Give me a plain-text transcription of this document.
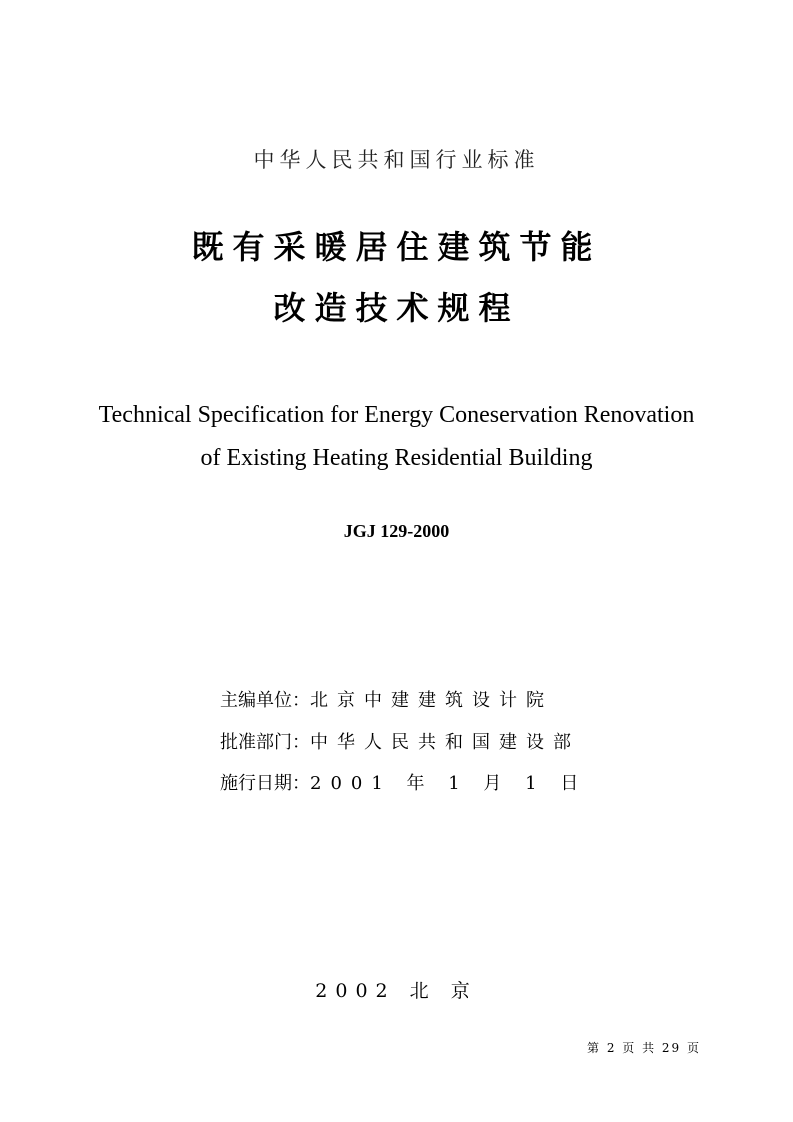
中华人民共和国行业标准
既有采暖居住建筑节能
改造技术规程
Technical Specification for Energy Coneservation Renovation
of Existing Heating Residential Building
JGJ 129-2000
主编单位：北京中建建筑设计院
批准部门：中华人民共和国建设部
施行日期：2001 年 1 月 1 日
2002 北 京
第 2 页 共 29 页
